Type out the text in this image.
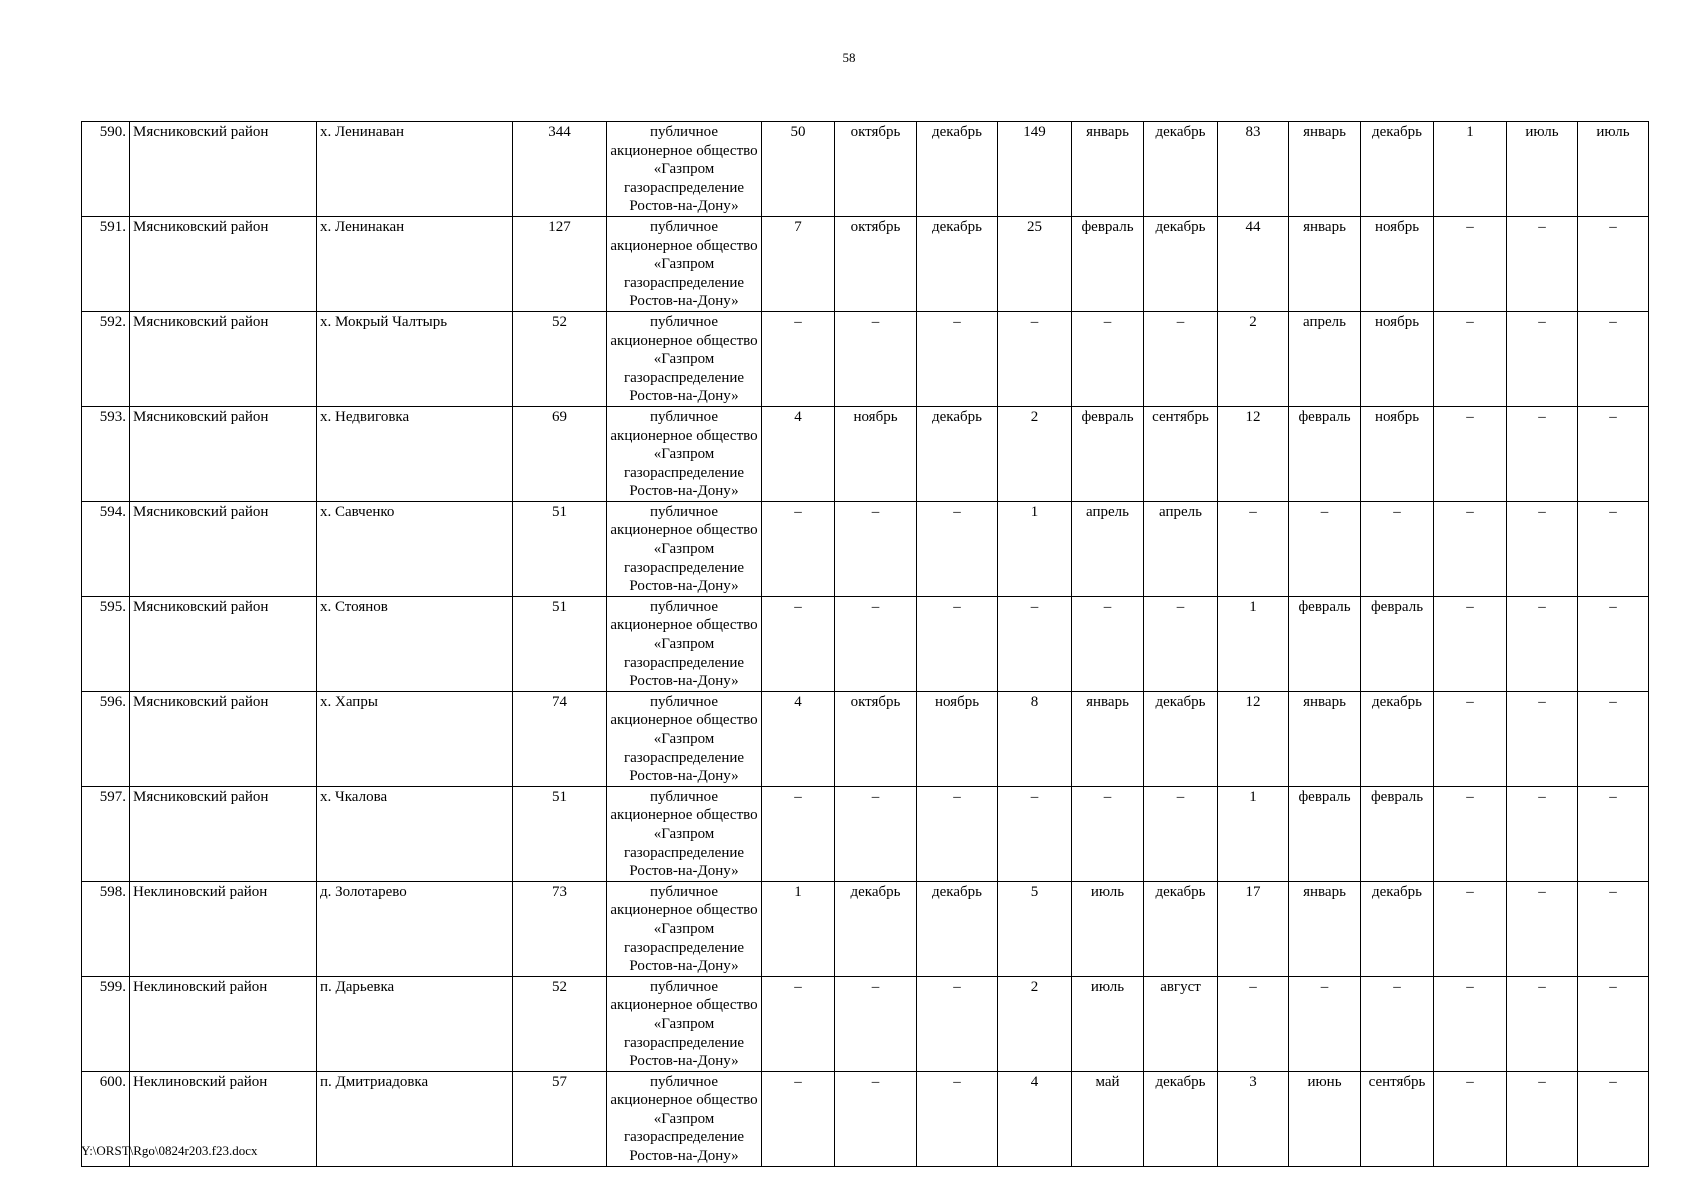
58
590.	Мясниковский район	х. Ленинаван	344	публичное акционерное общество «Газпром газораспределение Ростов-на-Дону»	50	октябрь	декабрь	149	январь	декабрь	83	январь	декабрь	1	июль	июль
591.	Мясниковский район	х. Ленинакан	127	публичное акционерное общество «Газпром газораспределение Ростов-на-Дону»	7	октябрь	декабрь	25	февраль	декабрь	44	январь	ноябрь	–	–	–
592.	Мясниковский район	х. Мокрый Чалтырь	52	публичное акционерное общество «Газпром газораспределение Ростов-на-Дону»	–	–	–	–	–	–	2	апрель	ноябрь	–	–	–
593.	Мясниковский район	х. Недвиговка	69	публичное акционерное общество «Газпром газораспределение Ростов-на-Дону»	4	ноябрь	декабрь	2	февраль	сентябрь	12	февраль	ноябрь	–	–	–
594.	Мясниковский район	х. Савченко	51	публичное акционерное общество «Газпром газораспределение Ростов-на-Дону»	–	–	–	1	апрель	апрель	–	–	–	–	–	–
595.	Мясниковский район	х. Стоянов	51	публичное акционерное общество «Газпром газораспределение Ростов-на-Дону»	–	–	–	–	–	–	1	февраль	февраль	–	–	–
596.	Мясниковский район	х. Хапры	74	публичное акционерное общество «Газпром газораспределение Ростов-на-Дону»	4	октябрь	ноябрь	8	январь	декабрь	12	январь	декабрь	–	–	–
597.	Мясниковский район	х. Чкалова	51	публичное акционерное общество «Газпром газораспределение Ростов-на-Дону»	–	–	–	–	–	–	1	февраль	февраль	–	–	–
598.	Неклиновский район	д. Золотарево	73	публичное акционерное общество «Газпром газораспределение Ростов-на-Дону»	1	декабрь	декабрь	5	июль	декабрь	17	январь	декабрь	–	–	–
599.	Неклиновский район	п. Дарьевка	52	публичное акционерное общество «Газпром газораспределение Ростов-на-Дону»	–	–	–	2	июль	август	–	–	–	–	–	–
600.	Неклиновский район	п. Дмитриадовка	57	публичное акционерное общество «Газпром газораспределение Ростов-на-Дону»	–	–	–	4	май	декабрь	3	июнь	сентябрь	–	–	–
Y:\ORST\Rgo\0824r203.f23.docx
